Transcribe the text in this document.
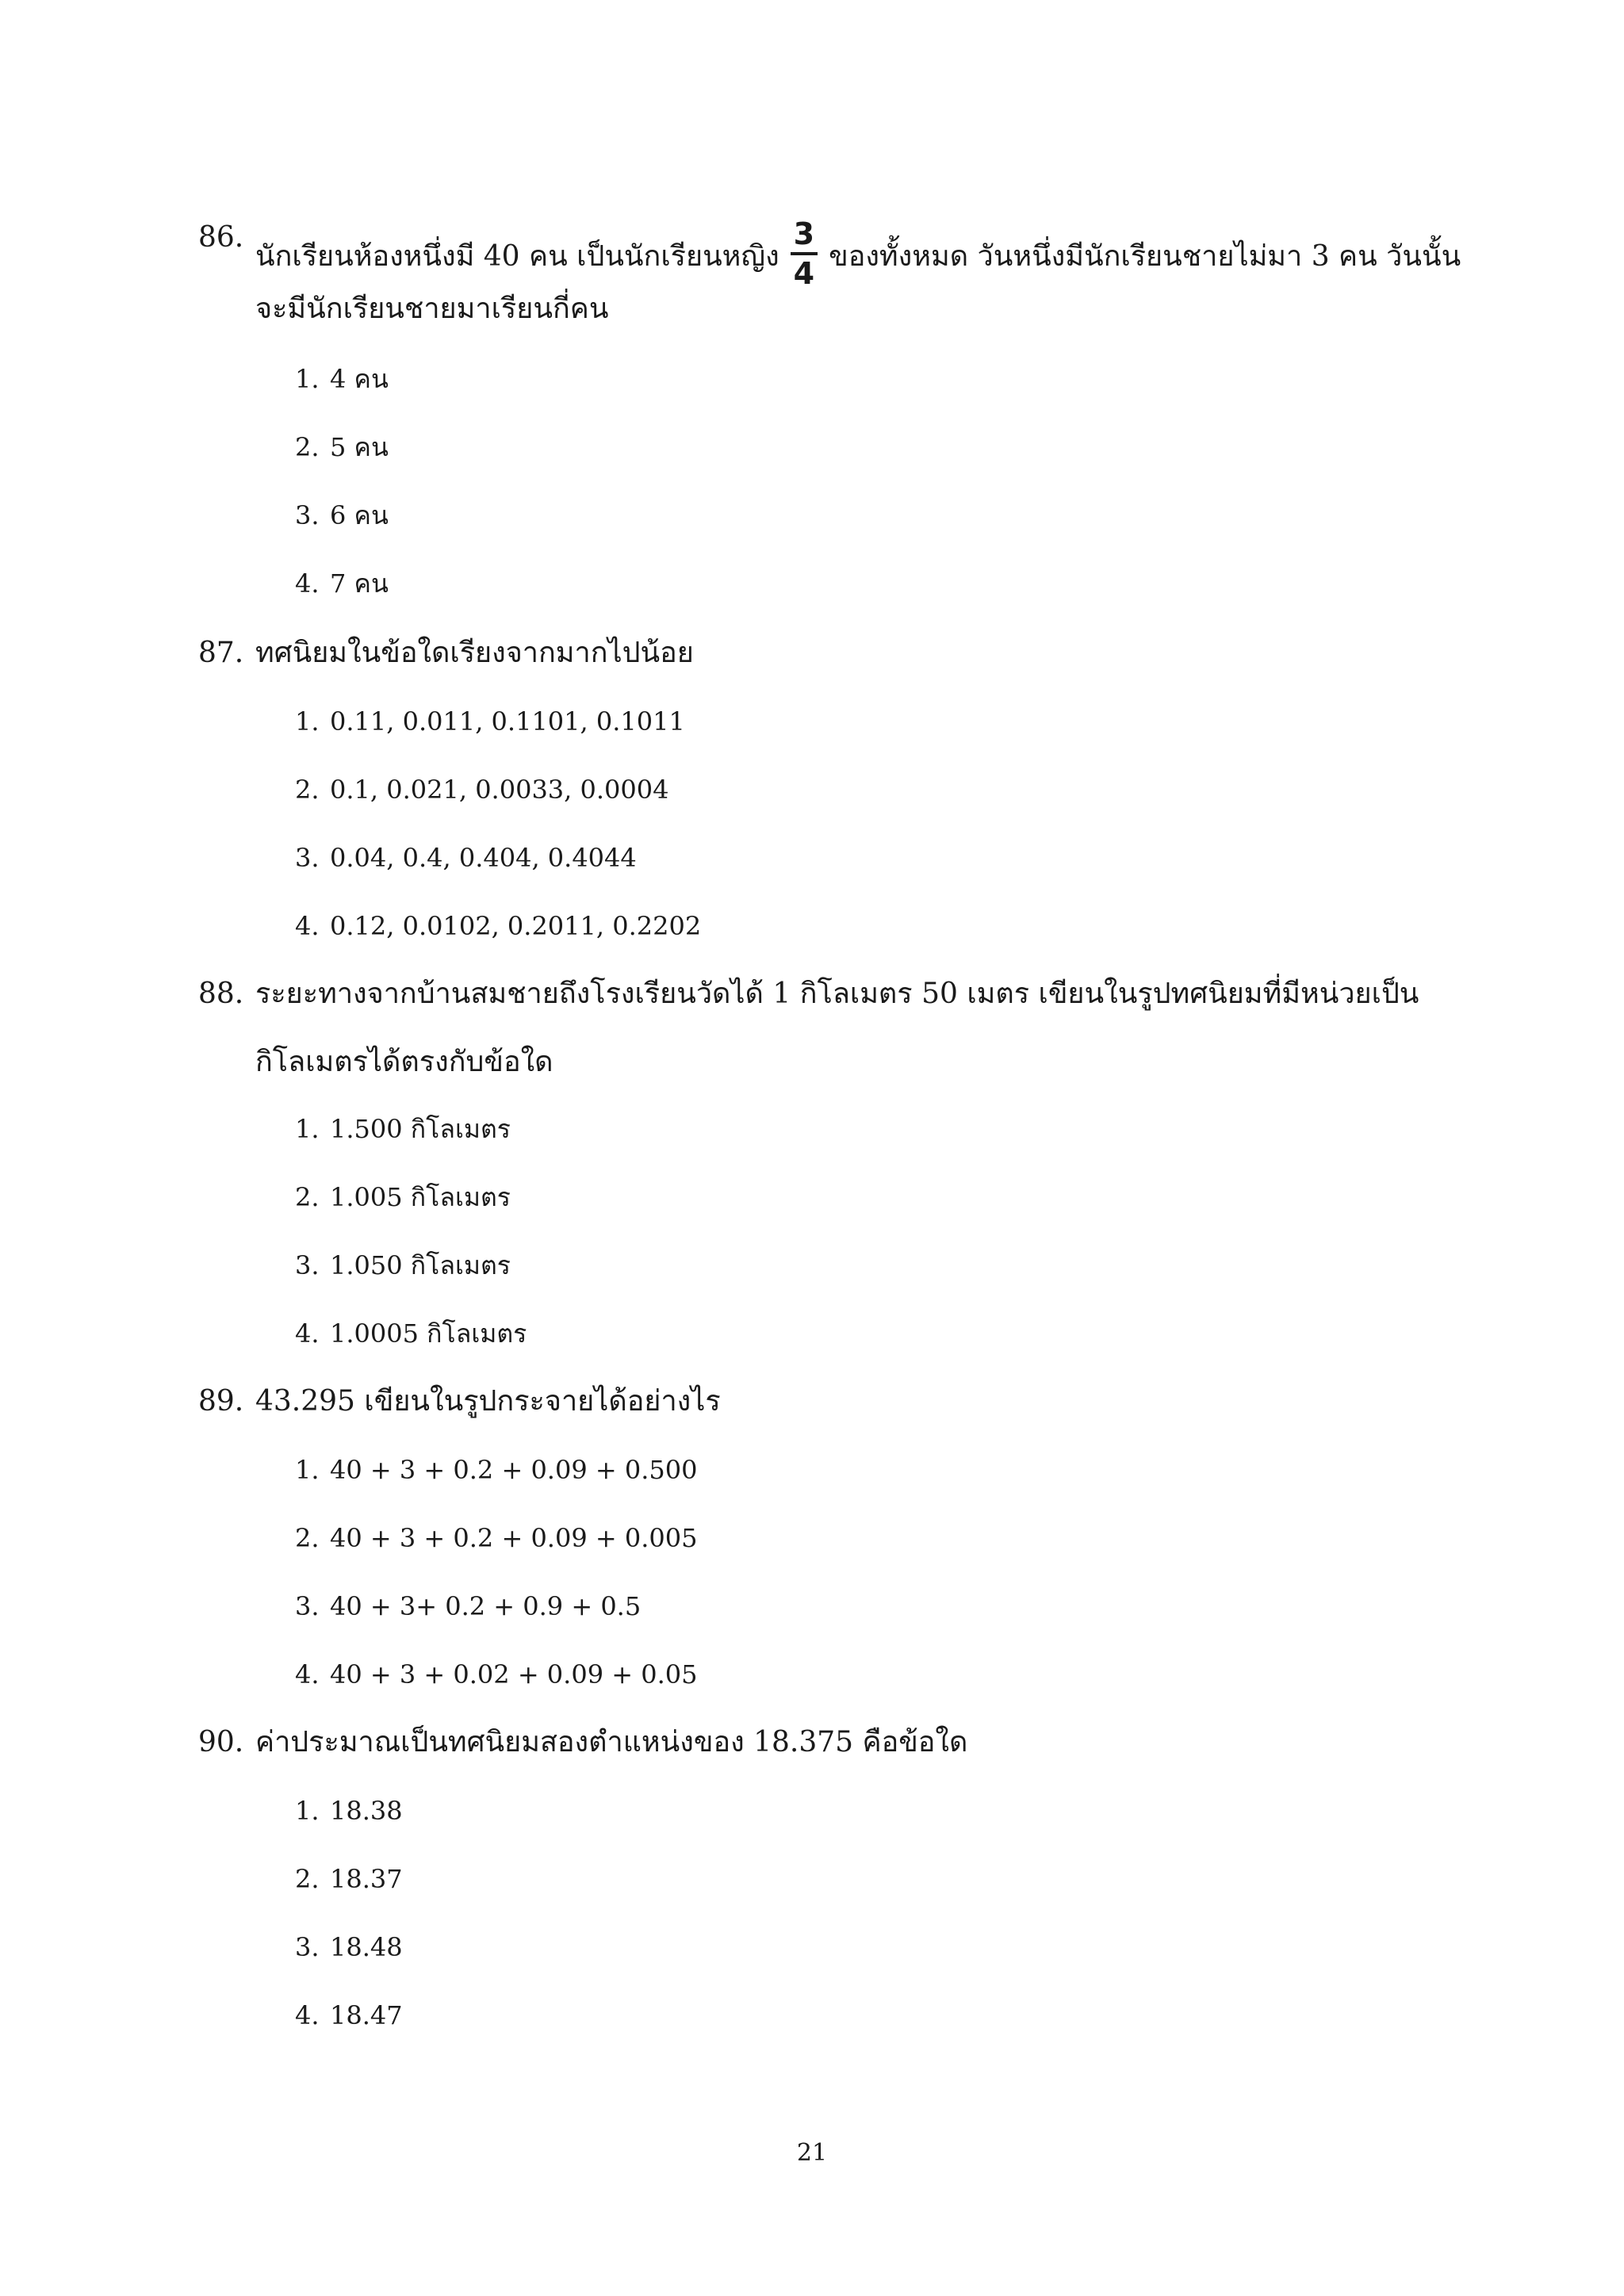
86.
นักเรียนห้องหนึ่งมี 40 คน เป็นนักเรียนหญิง $\frac{3}{4}$ ของทั้งหมด วันหนึ่งมีนักเรียนชายไม่มา 3 คน วันนั้น
จะมีนักเรียนชายมาเรียนกี่คน
1. 4 คน
2. 5 คน
3. 6 คน
4. 7 คน
87. ทศนิยมในข้อใดเรียงจากมากไปน้อย
1. 0.11, 0.011, 0.1101, 0.1011
2. 0.1, 0.021, 0.0033, 0.0004
3. 0.04, 0.4, 0.404, 0.4044
4. 0.12, 0.0102, 0.2011, 0.2202
88. ระยะทางจากบ้านสมชายถึงโรงเรียนวัดได้ 1 กิโลเมตร 50 เมตร เขียนในรูปทศนิยมที่มีหน่วยเป็น
กิโลเมตรได้ตรงกับข้อใด
1. 1.500 กิโลเมตร
2. 1.005 กิโลเมตร
3. 1.050 กิโลเมตร
4. 1.0005 กิโลเมตร
89. 43.295 เขียนในรูปกระจายได้อย่างไร
1. 40 + 3 + 0.2 + 0.09 + 0.500
2. 40 + 3 + 0.2 + 0.09 + 0.005
3. 40 + 3+ 0.2 + 0.9 + 0.5
4. 40 + 3 + 0.02 + 0.09 + 0.05
90. ค่าประมาณเป็นทศนิยมสองตำแหน่งของ 18.375 คือข้อใด
1. 18.38
2. 18.37
3. 18.48
4. 18.47
21
